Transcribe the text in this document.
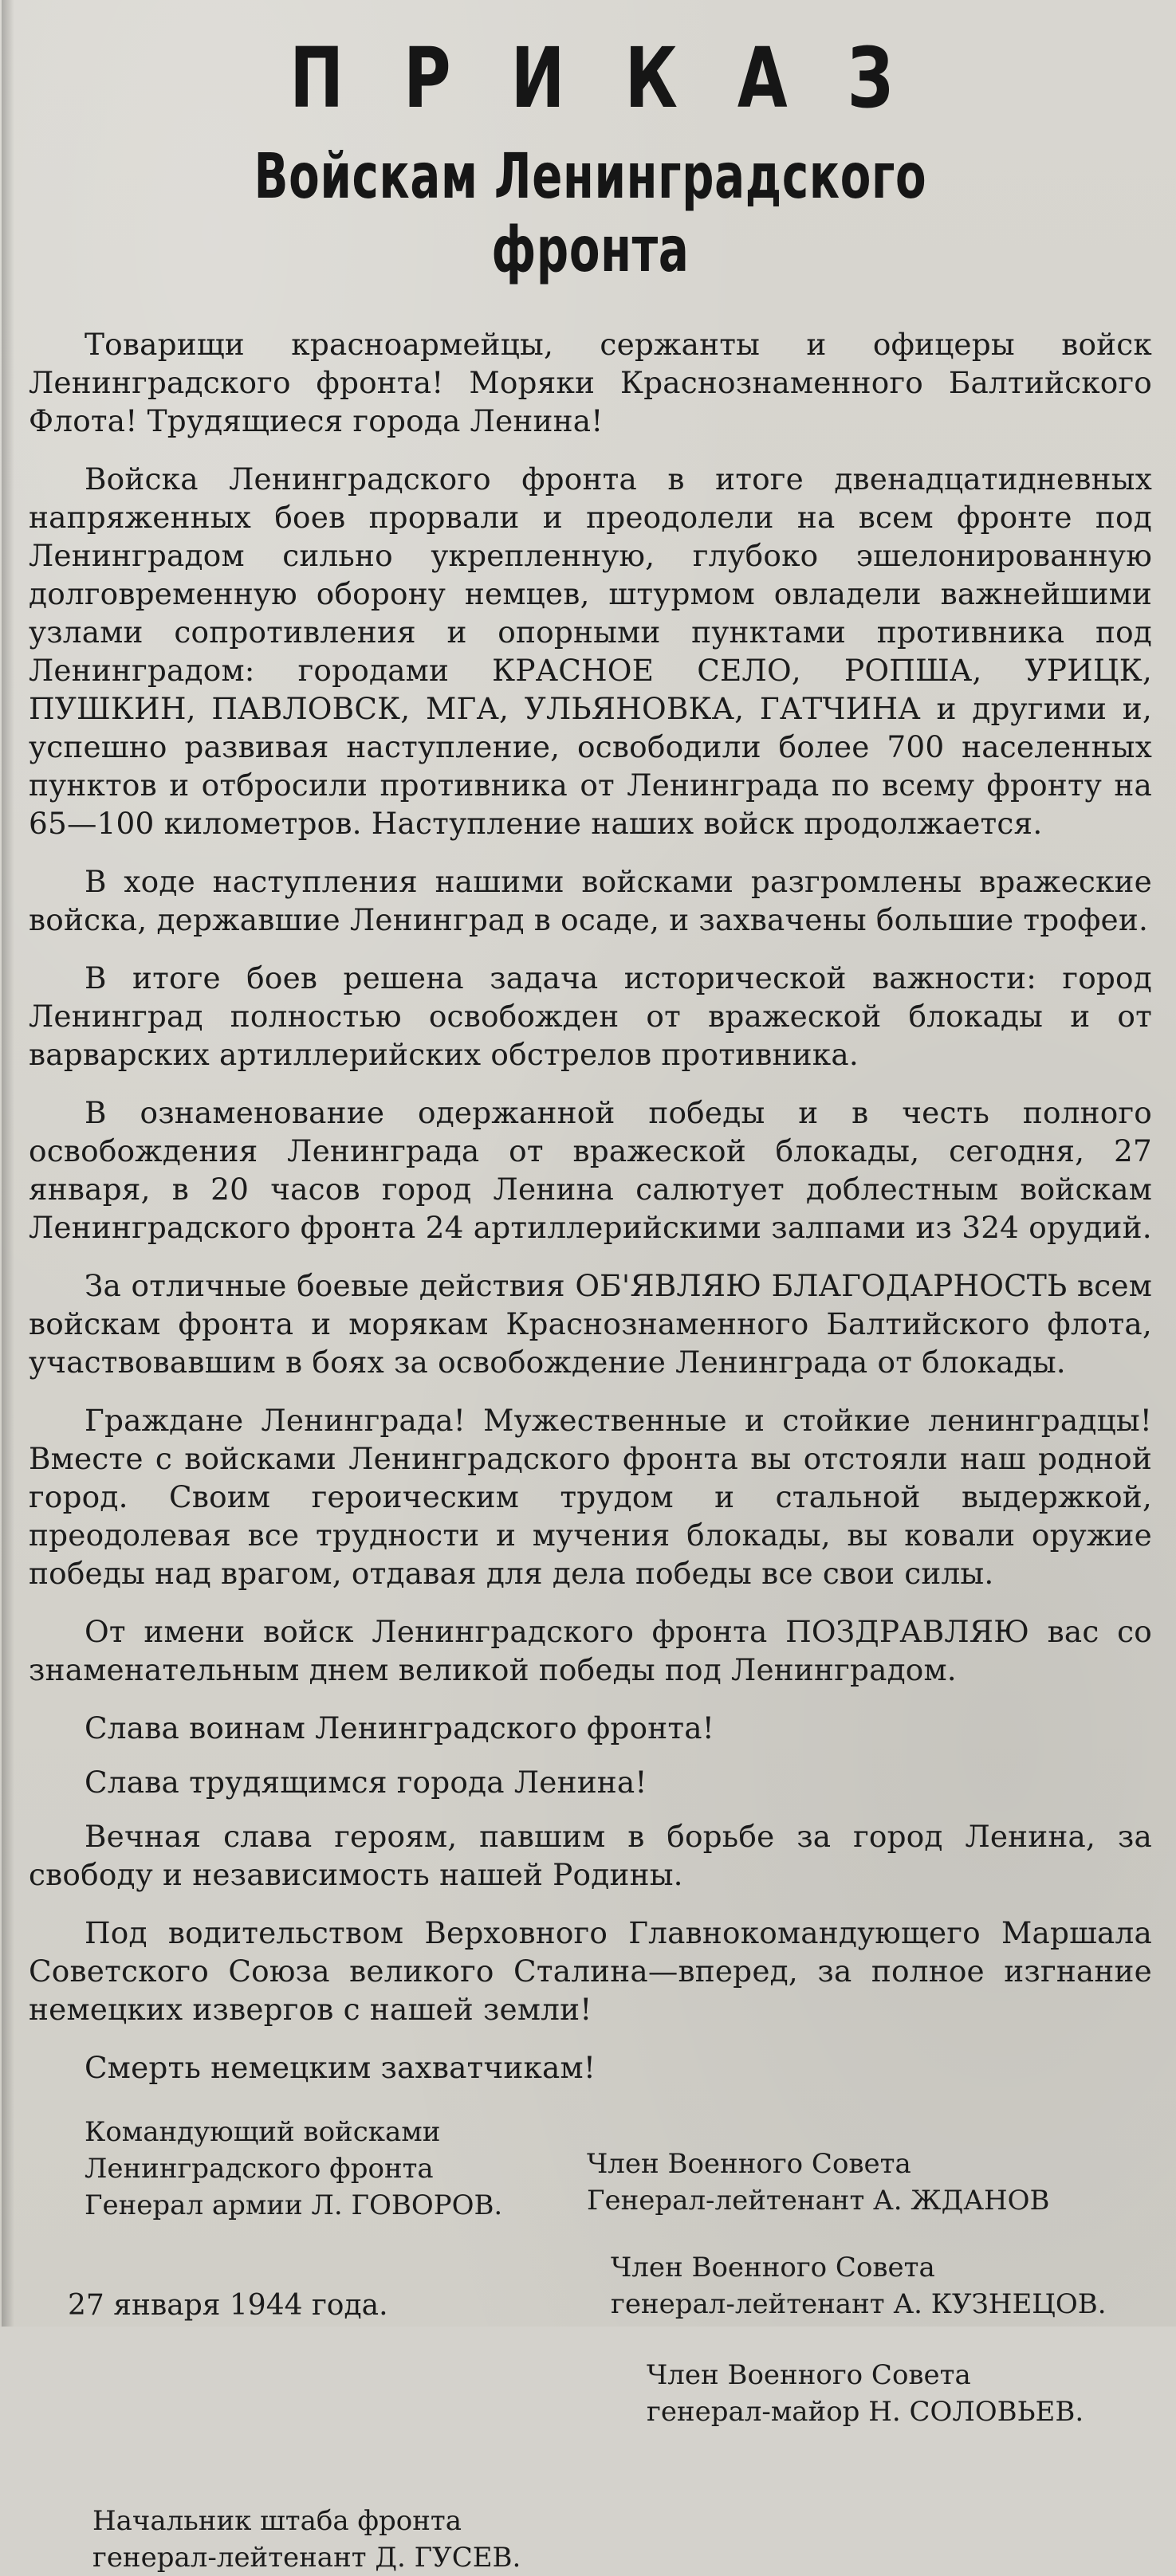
П Р И К А З
Войскам Ленинградского фронта

Товарищи красноармейцы, сержанты и офицеры войск Ленинградского фронта! Моряки Краснознаменного Балтийского Флота! Трудящиеся города Ленина!

Войска Ленинградского фронта в итоге двенадцатидневных напряженных боев прорвали и преодолели на всем фронте под Ленинградом сильно укрепленную, глубоко эшелонированную долговременную оборону немцев, штурмом овладели важнейшими узлами сопротивления и опорными пунктами противника под Ленинградом: городами КРАСНОЕ СЕЛО, РОПША, УРИЦК, ПУШКИН, ПАВЛОВСК, МГА, УЛЬЯНОВКА, ГАТЧИНА и другими и, успешно развивая наступление, освободили более 700 населенных пунктов и отбросили противника от Ленинграда по всему фронту на 65—100 километров. Наступление наших войск продолжается.

В ходе наступления нашими войсками разгромлены вражеские войска, державшие Ленинград в осаде, и захвачены большие трофеи.

В итоге боев решена задача исторической важности: город Ленинград полностью освобожден от вражеской блокады и от варварских артиллерийских обстрелов противника.

В ознаменование одержанной победы и в честь полного освобождения Ленинграда от вражеской блокады, сегодня, 27 января, в 20 часов город Ленина салютует доблестным войскам Ленинградского фронта 24 артиллерийскими залпами из 324 орудий.

За отличные боевые действия ОБ'ЯВЛЯЮ БЛАГОДАРНОСТЬ всем войскам фронта и морякам Краснознаменного Балтийского флота, участвовавшим в боях за освобождение Ленинграда от блокады.

Граждане Ленинграда! Мужественные и стойкие ленинградцы! Вместе с войсками Ленинградского фронта вы отстояли наш родной город. Своим героическим трудом и стальной выдержкой, преодолевая все трудности и мучения блокады, вы ковали оружие победы над врагом, отдавая для дела победы все свои силы.

От имени войск Ленинградского фронта ПОЗДРАВЛЯЮ вас со знаменательным днем великой победы под Ленинградом.

Слава воинам Ленинградского фронта!

Слава трудящимся города Ленина!

Вечная слава героям, павшим в борьбе за город Ленина, за свободу и независимость нашей Родины.

Под водительством Верховного Главнокомандующего Маршала Советского Союза великого Сталина—вперед, за полное изгнание немецких извергов с нашей земли!

Смерть немецким захватчикам!

Командующий войсками
Ленинградского фронта
Генерал армии Л. ГОВОРОВ.
Член Военного Совета
Генерал-лейтенант А. ЖДАНОВ
Член Военного Совета
генерал-лейтенант А. КУЗНЕЦОВ.
Член Военного Совета
генерал-майор Н. СОЛОВЬЕВ.
Начальник штаба фронта
генерал-лейтенант Д. ГУСЕВ.

27 января 1944 года.
